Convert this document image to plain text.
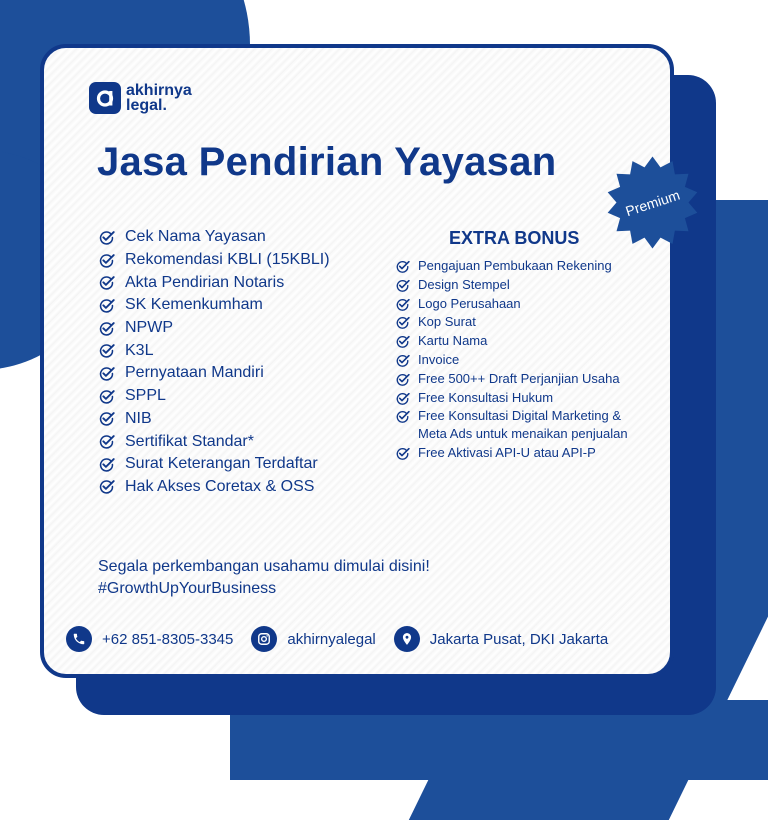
akhirnya
legal.
Jasa Pendirian Yayasan
Premium
Cek Nama Yayasan
Rekomendasi KBLI (15KBLI)
Akta Pendirian Notaris
SK Kemenkumham
NPWP
K3L
Pernyataan Mandiri
SPPL
NIB
Sertifikat Standar*
Surat Keterangan Terdaftar
Hak Akses Coretax & OSS
EXTRA BONUS
Pengajuan Pembukaan Rekening
Design Stempel
Logo Perusahaan
Kop Surat
Kartu Nama
Invoice
Free 500++ Draft Perjanjian Usaha
Free Konsultasi Hukum
Free Konsultasi Digital Marketing & Meta Ads untuk menaikan penjualan
Free Aktivasi API-U atau API-P
Segala perkembangan usahamu dimulai disini!
#GrowthUpYourBusiness
+62 851-8305-3345	akhirnyalegal	Jakarta Pusat, DKI Jakarta
